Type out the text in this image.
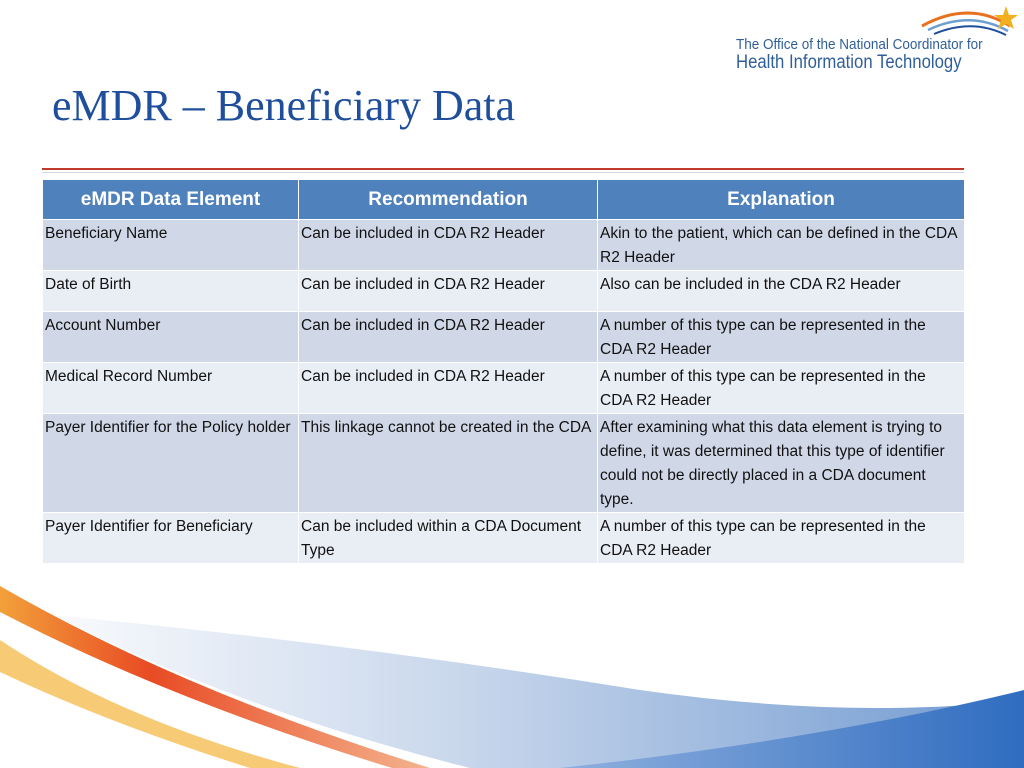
The Office of the National Coordinator for
Health Information Technology
eMDR – Beneficiary Data
eMDR Data Element	Recommendation	Explanation
Beneficiary Name	Can be included in CDA R2 Header	Akin to the patient, which can be defined in the CDA R2 Header
Date of Birth	Can be included in CDA R2 Header	Also can be included in the CDA R2 Header
Account Number	Can be included in CDA R2 Header	A number of this type can be represented in the CDA R2 Header
Medical Record Number	Can be included in CDA R2 Header	A number of this type can be represented in the CDA R2 Header
Payer Identifier for the Policy holder	This linkage cannot be created in the CDA	After examining what this data element is trying to define, it was determined that this type of identifier could not be directly placed in a CDA document type.
Payer Identifier for Beneficiary	Can be included within a CDA Document Type	A number of this type can be represented in the CDA R2 Header
